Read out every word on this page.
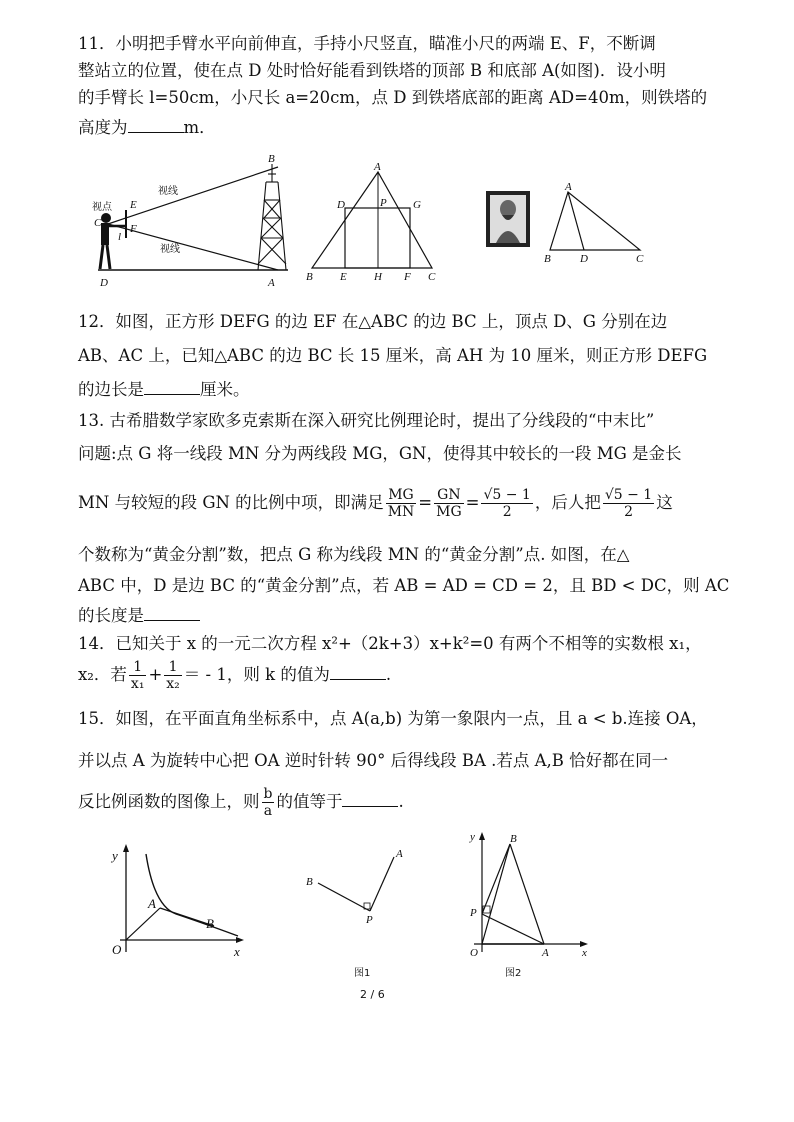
11．小明把手臂水平向前伸直，手持小尺竖直，瞄准小尺的两端 E、F，不断调
整站立的位置，使在点 D 处时恰好能看到铁塔的顶部 B 和底部 A(如图)．设小明
的手臂长 l=50cm，小尺长 a=20cm，点 D 到铁塔底部的距离 AD=40m，则铁塔的
高度为	m．
视点
视线
视线
C
E
F
l
D
B
A
A
D	P G
B E H F C
A
B	D	C
12．如图，正方形 DEFG 的边 EF 在△ABC 的边 BC 上，顶点 D、G 分别在边
AB、AC 上，已知△ABC 的边 BC 长 15 厘米，高 AH 为 10 厘米，则正方形 DEFG
的边长是	厘米。
13. 古希腊数学家欧多克索斯在深入研究比例理论时，提出了分线段的“中末比”
问题:点 G 将一线段 MN 分为两线段 MG，GN，使得其中较长的一段 MG 是金长
MN 与较短的段 GN 的比例中项，即满足 $\frac{MG}{MN} = \frac{GN}{MG} = \frac{√5 - 1}{2}$ ，后人把 $\frac{√5 - 1}{2}$ 这
个数称为“黄金分割”数，把点 G 称为线段 MN 的“黄金分割”点. 如图，在△
ABC 中，D 是边 BC 的“黄金分割”点，若 AB = AD = CD = 2，且 BD < DC，则 AC
的长度是
14．已知关于 x 的一元二次方程 x²+（2k+3）x+k²=0 有两个不相等的实数根 x₁，
x₂．若 $\frac{1}{\text{x₁}} + \frac{1}{\text{x₂}}$ ＝ - 1，则 k 的值为	.
15．如图，在平面直角坐标系中，点 A(a,b) 为第一象限内一点，且 a < b.连接 OA，
并以点 A 为旋转中心把 OA 逆时针转 90° 后得线段 BA .若点 A,B 恰好都在同一
反比例函数的图像上，则 $\frac{b}{a}$ 的值等于	.
y
x
O
A
B
B
A
P
图1
y
x
O
B
P
A
图2
2 / 6
